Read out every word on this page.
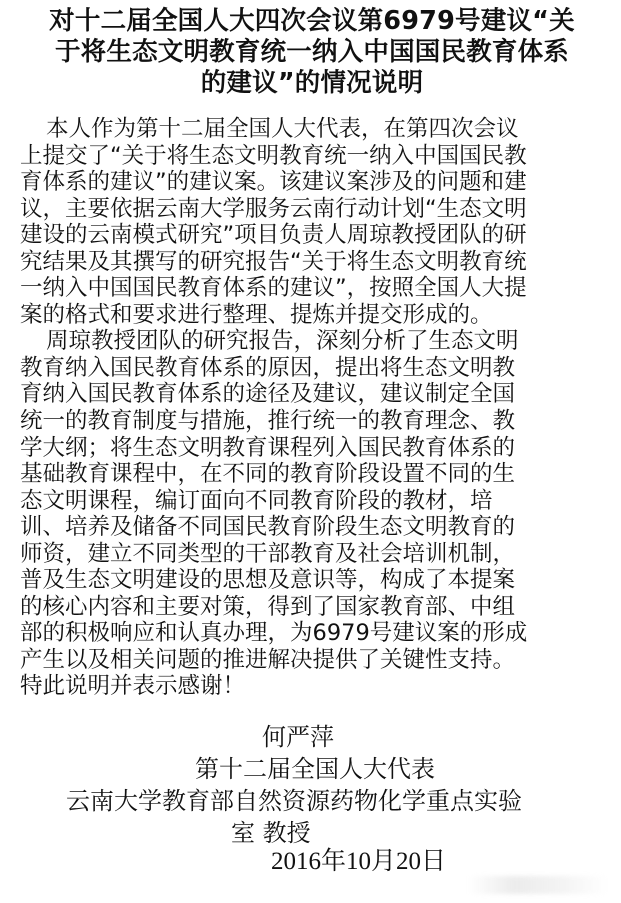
对十二届全国人大四次会议第6979号建议“关
于将生态文明教育统一纳入中国国民教育体系
的建议”的情况说明
本人作为第十二届全国人大代表，在第四次会议
上提交了“关于将生态文明教育统一纳入中国国民教
育体系的建议”的建议案。该建议案涉及的问题和建
议，主要依据云南大学服务云南行动计划“生态文明
建设的云南模式研究”项目负责人周琼教授团队的研
究结果及其撰写的研究报告“关于将生态文明教育统
一纳入中国国民教育体系的建议”，按照全国人大提
案的格式和要求进行整理、提炼并提交形成的。
周琼教授团队的研究报告，深刻分析了生态文明
教育纳入国民教育体系的原因，提出将生态文明教
育纳入国民教育体系的途径及建议，建议制定全国
统一的教育制度与措施，推行统一的教育理念、教
学大纲；将生态文明教育课程列入国民教育体系的
基础教育课程中，在不同的教育阶段设置不同的生
态文明课程，编订面向不同教育阶段的教材，培
训、培养及储备不同国民教育阶段生态文明教育的
师资，建立不同类型的干部教育及社会培训机制，
普及生态文明建设的思想及意识等，构成了本提案
的核心内容和主要对策，得到了国家教育部、中组
部的积极响应和认真办理，为6979号建议案的形成
产生以及相关问题的推进解决提供了关键性支持。
特此说明并表示感谢！
何严萍
第十二届全国人大代表
云南大学教育部自然资源药物化学重点实验
室 教授
2016年10月20日
